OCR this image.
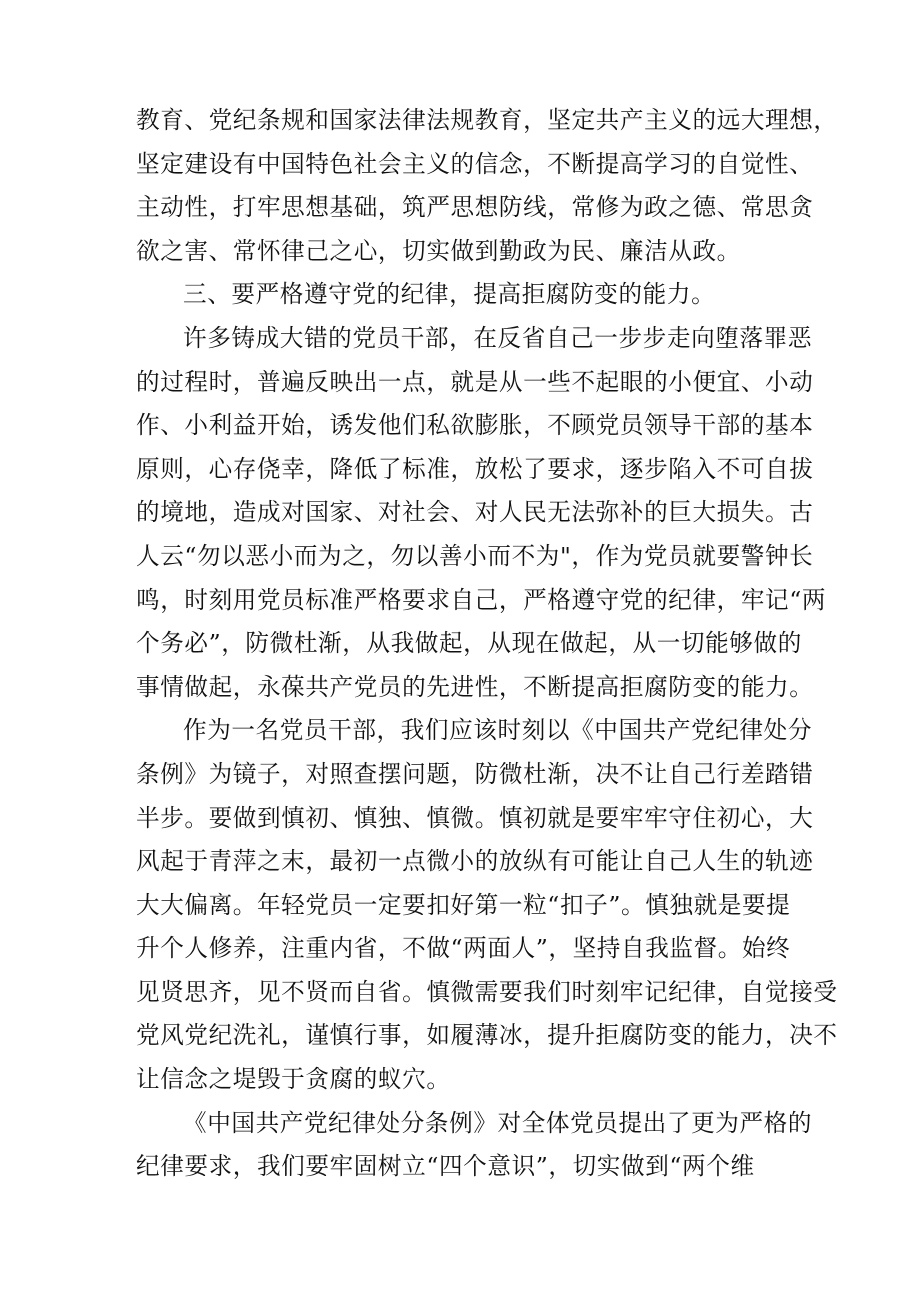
教育、党纪条规和国家法律法规教育，坚定共产主义的远大理想，
坚定建设有中国特色社会主义的信念，不断提高学习的自觉性、
主动性，打牢思想基础，筑严思想防线，常修为政之德、常思贪
欲之害、常怀律己之心，切实做到勤政为民、廉洁从政。
三、要严格遵守党的纪律，提高拒腐防变的能力。
许多铸成大错的党员干部，在反省自己一步步走向堕落罪恶
的过程时，普遍反映出一点，就是从一些不起眼的小便宜、小动
作、小利益开始，诱发他们私欲膨胀，不顾党员领导干部的基本
原则，心存侥幸，降低了标准，放松了要求，逐步陷入不可自拔
的境地，造成对国家、对社会、对人民无法弥补的巨大损失。古
人云“勿以恶小而为之，勿以善小而不为"，作为党员就要警钟长
鸣，时刻用党员标准严格要求自己，严格遵守党的纪律，牢记“两
个务必”，防微杜渐，从我做起，从现在做起，从一切能够做的
事情做起，永葆共产党员的先进性，不断提高拒腐防变的能力。
作为一名党员干部，我们应该时刻以《中国共产党纪律处分
条例》为镜子，对照查摆问题，防微杜渐，决不让自己行差踏错
半步。要做到慎初、慎独、慎微。慎初就是要牢牢守住初心，大
风起于青萍之末，最初一点微小的放纵有可能让自己人生的轨迹
大大偏离。年轻党员一定要扣好第一粒“扣子”。慎独就是要提
升个人修养，注重内省，不做“两面人”，坚持自我监督。始终
见贤思齐，见不贤而自省。慎微需要我们时刻牢记纪律，自觉接受
党风党纪洗礼，谨慎行事，如履薄冰，提升拒腐防变的能力，决不
让信念之堤毁于贪腐的蚁穴。
《中国共产党纪律处分条例》对全体党员提出了更为严格的
纪律要求，我们要牢固树立“四个意识”，切实做到“两个维
